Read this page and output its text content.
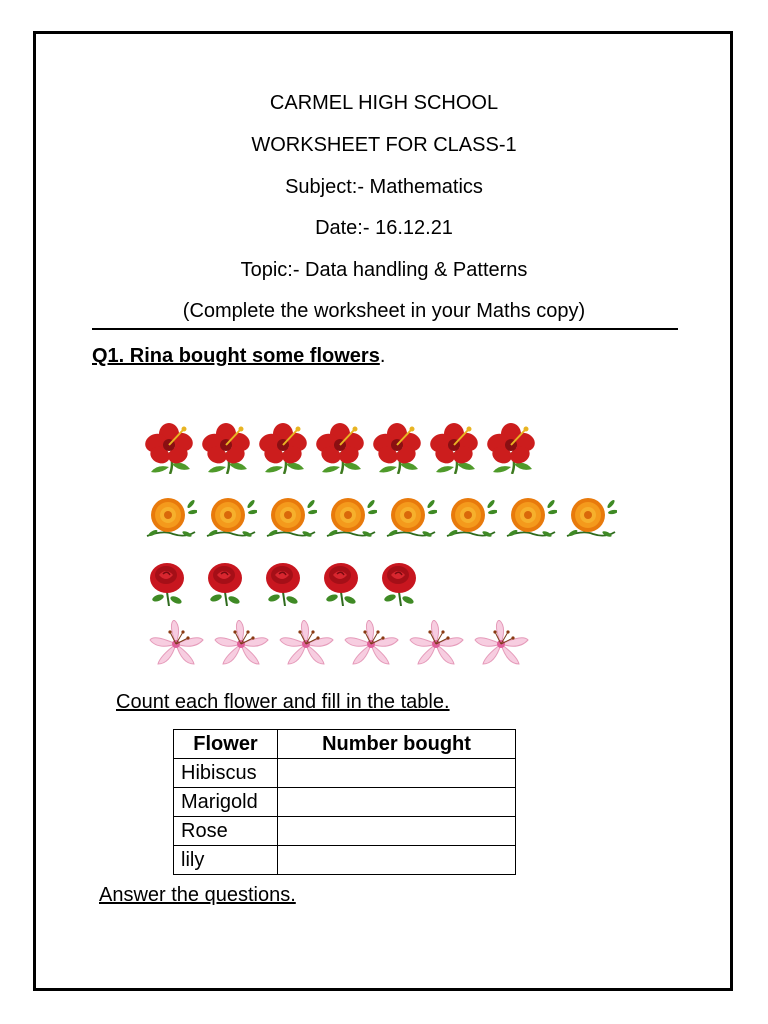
CARMEL HIGH SCHOOL
WORKSHEET FOR CLASS-1
Subject:- Mathematics
Date:- 16.12.21
Topic:- Data handling & Patterns
(Complete the worksheet in your Maths copy)
Q1. Rina bought some flowers.
Count each flower and fill in the table.
Flower	Number bought
Hibiscus	
Marigold	
Rose	
lily	
Answer the questions.
